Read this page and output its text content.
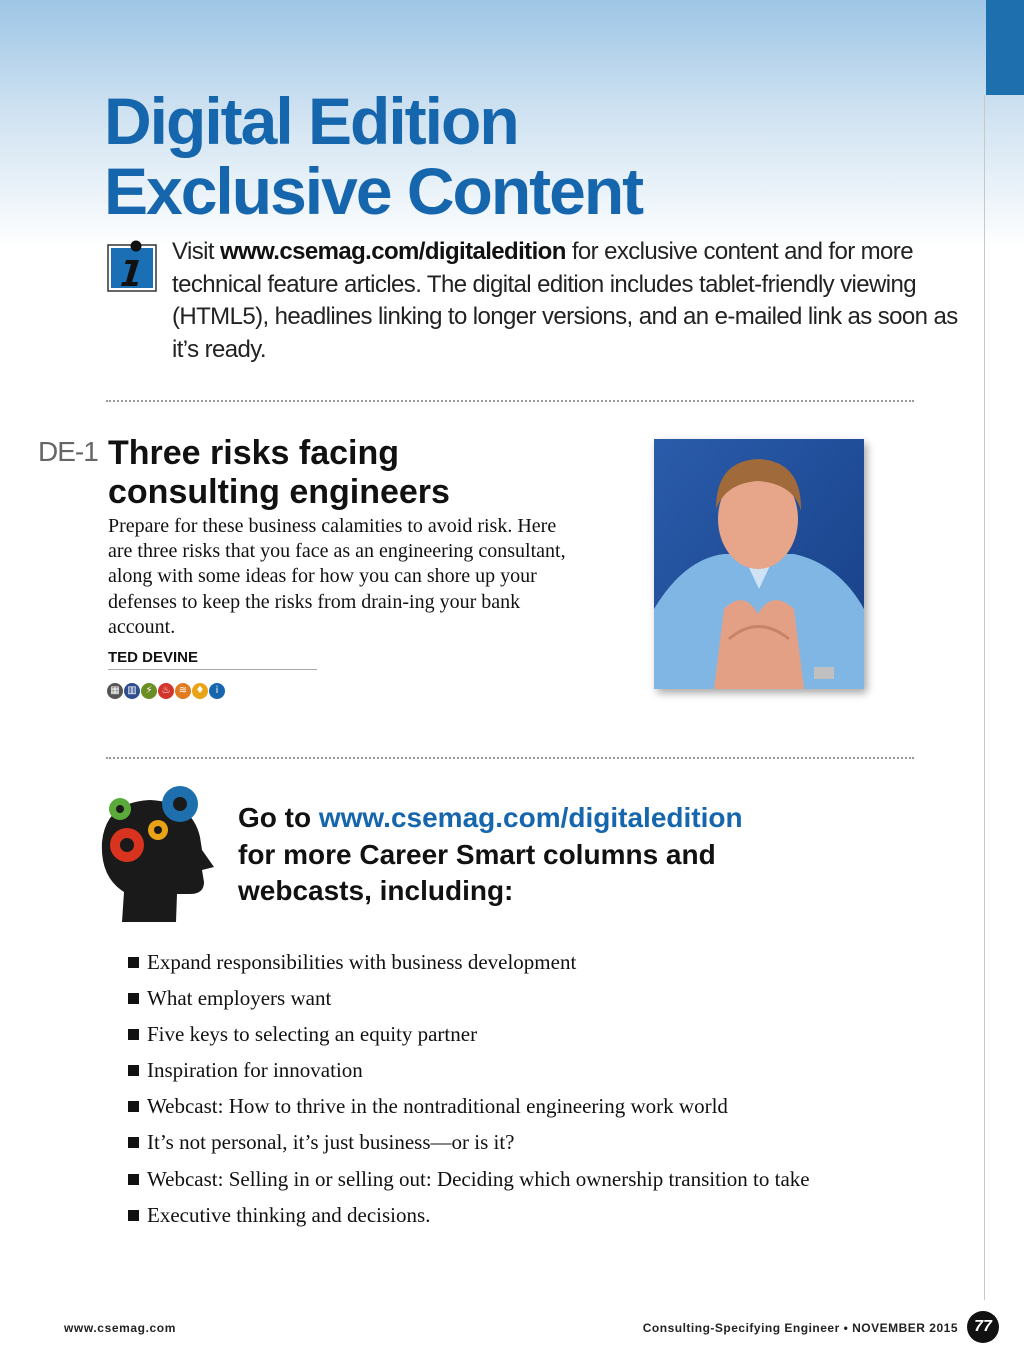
Digital Edition
Exclusive Content

Visit www.csemag.com/digitaledition for exclusive content and for more technical feature articles. The digital edition includes tablet-friendly viewing (HTML5), headlines linking to longer versions, and an e-mailed link as soon as it’s ready.

DE-1 Three risks facing
consulting engineers

Prepare for these business calamities to avoid risk. Here are three risks that you face as an engineering consultant, along with some ideas for how you can shore up your defenses to keep the risks from drain-ing your bank account.

TED DEVINE
▦ ▥ ⚡ ♨ ≋ ♦	i

Go to www.csemag.com/digitaledition
for more Career Smart columns and
webcasts, including:

Expand responsibilities with business development
What employers want
Five keys to selecting an equity partner
Inspiration for innovation
Webcast: How to thrive in the nontraditional engineering work world
It’s not personal, it’s just business—or is it?
Webcast: Selling in or selling out: Deciding which ownership transition to take
Executive thinking and decisions.
www.csemag.com	Consulting-Specifying Engineer • NOVEMBER 2015	77
